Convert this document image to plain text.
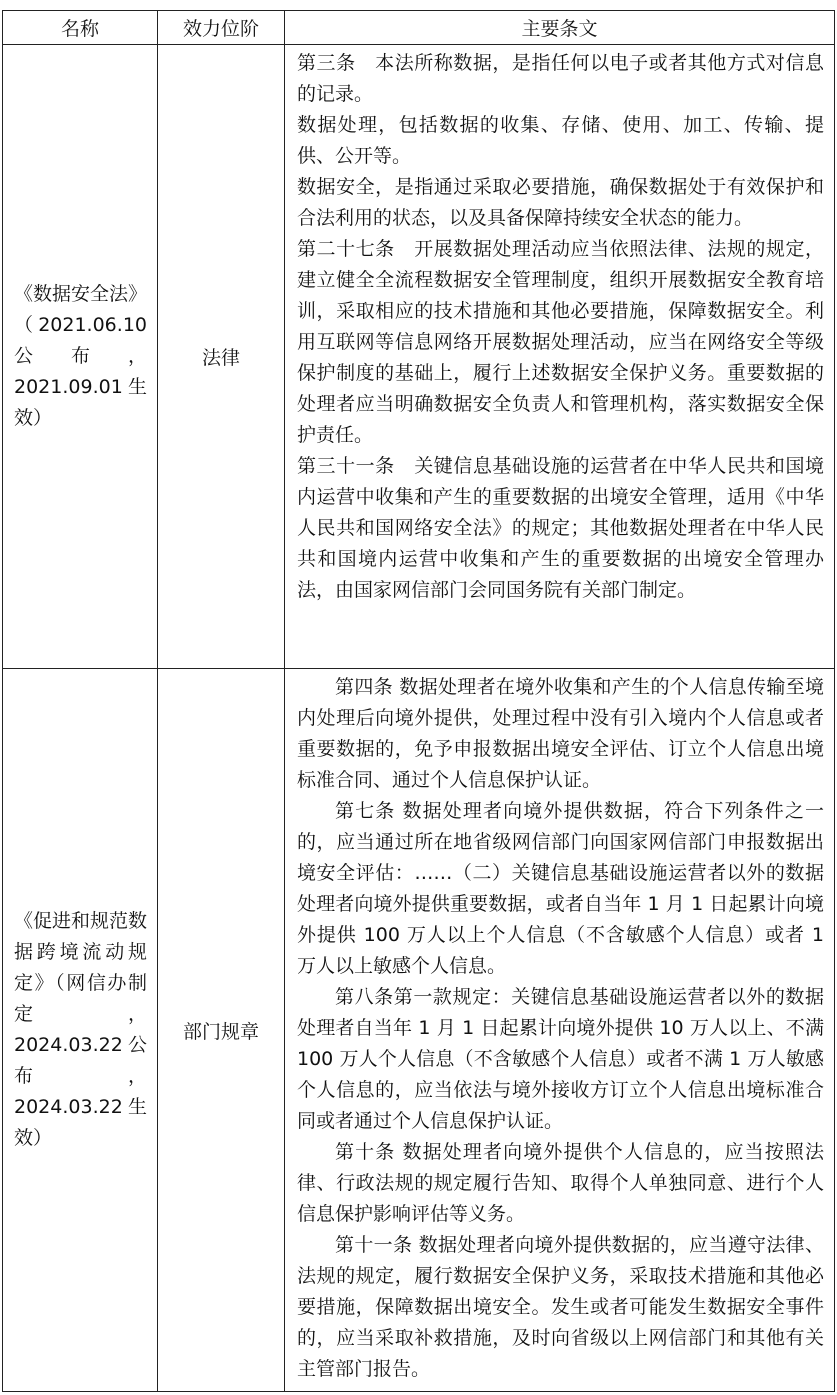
名称	效力位阶	主要条文
《数据安全法》（2021.06.10公布，2021.09.01生效）	法律	第三条　本法所称数据，是指任何以电子或者其他方式对信息的记录。

数据处理，包括数据的收集、存储、使用、加工、传输、提供、公开等。

数据安全，是指通过采取必要措施，确保数据处于有效保护和合法利用的状态，以及具备保障持续安全状态的能力。

第二十七条　开展数据处理活动应当依照法律、法规的规定，建立健全全流程数据安全管理制度，组织开展数据安全教育培训，采取相应的技术措施和其他必要措施，保障数据安全。利用互联网等信息网络开展数据处理活动，应当在网络安全等级保护制度的基础上，履行上述数据安全保护义务。重要数据的处理者应当明确数据安全负责人和管理机构，落实数据安全保护责任。

第三十一条　关键信息基础设施的运营者在中华人民共和国境内运营中收集和产生的重要数据的出境安全管理，适用《中华人民共和国网络安全法》的规定；其他数据处理者在中华人民共和国境内运营中收集和产生的重要数据的出境安全管理办法，由国家网信部门会同国务院有关部门制定。

《促进和规范数据跨境流动规定》（网信办制定，2024.03.22公布，2024.03.22生效）	部门规章	第四条 数据处理者在境外收集和产生的个人信息传输至境内处理后向境外提供，处理过程中没有引入境内个人信息或者重要数据的，免予申报数据出境安全评估、订立个人信息出境标准合同、通过个人信息保护认证。

第七条 数据处理者向境外提供数据，符合下列条件之一的，应当通过所在地省级网信部门向国家网信部门申报数据出境安全评估：……（二）关键信息基础设施运营者以外的数据处理者向境外提供重要数据，或者自当年 1 月 1 日起累计向境外提供 100 万人以上个人信息（不含敏感个人信息）或者 1 万人以上敏感个人信息。

第八条第一款规定：关键信息基础设施运营者以外的数据处理者自当年 1 月 1 日起累计向境外提供 10 万人以上、不满 100 万人个人信息（不含敏感个人信息）或者不满 1 万人敏感个人信息的，应当依法与境外接收方订立个人信息出境标准合同或者通过个人信息保护认证。

第十条 数据处理者向境外提供个人信息的，应当按照法律、行政法规的规定履行告知、取得个人单独同意、进行个人信息保护影响评估等义务。

第十一条 数据处理者向境外提供数据的，应当遵守法律、法规的规定，履行数据安全保护义务，采取技术措施和其他必要措施，保障数据出境安全。发生或者可能发生数据安全事件的，应当采取补救措施，及时向省级以上网信部门和其他有关主管部门报告。
